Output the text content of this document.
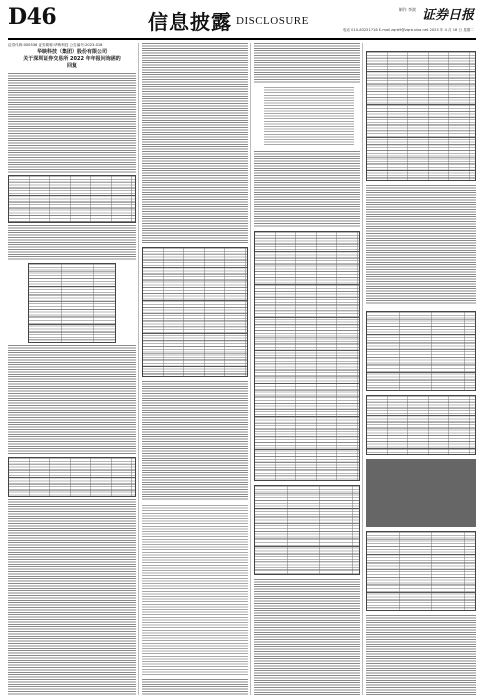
D46	信息披露 DISCLOSURE
制作 李波 证券日报
电话 010-83251716 E-mail zqrb9@zqrb.sina.net 2023 年 4 月 18 日 星期二
证券代码:000536 证券简称:华映科技 公告编号:2023-018
华映科技（集团）股份有限公司
关于深圳证券交易所 2022 年年报问询函的
回复
